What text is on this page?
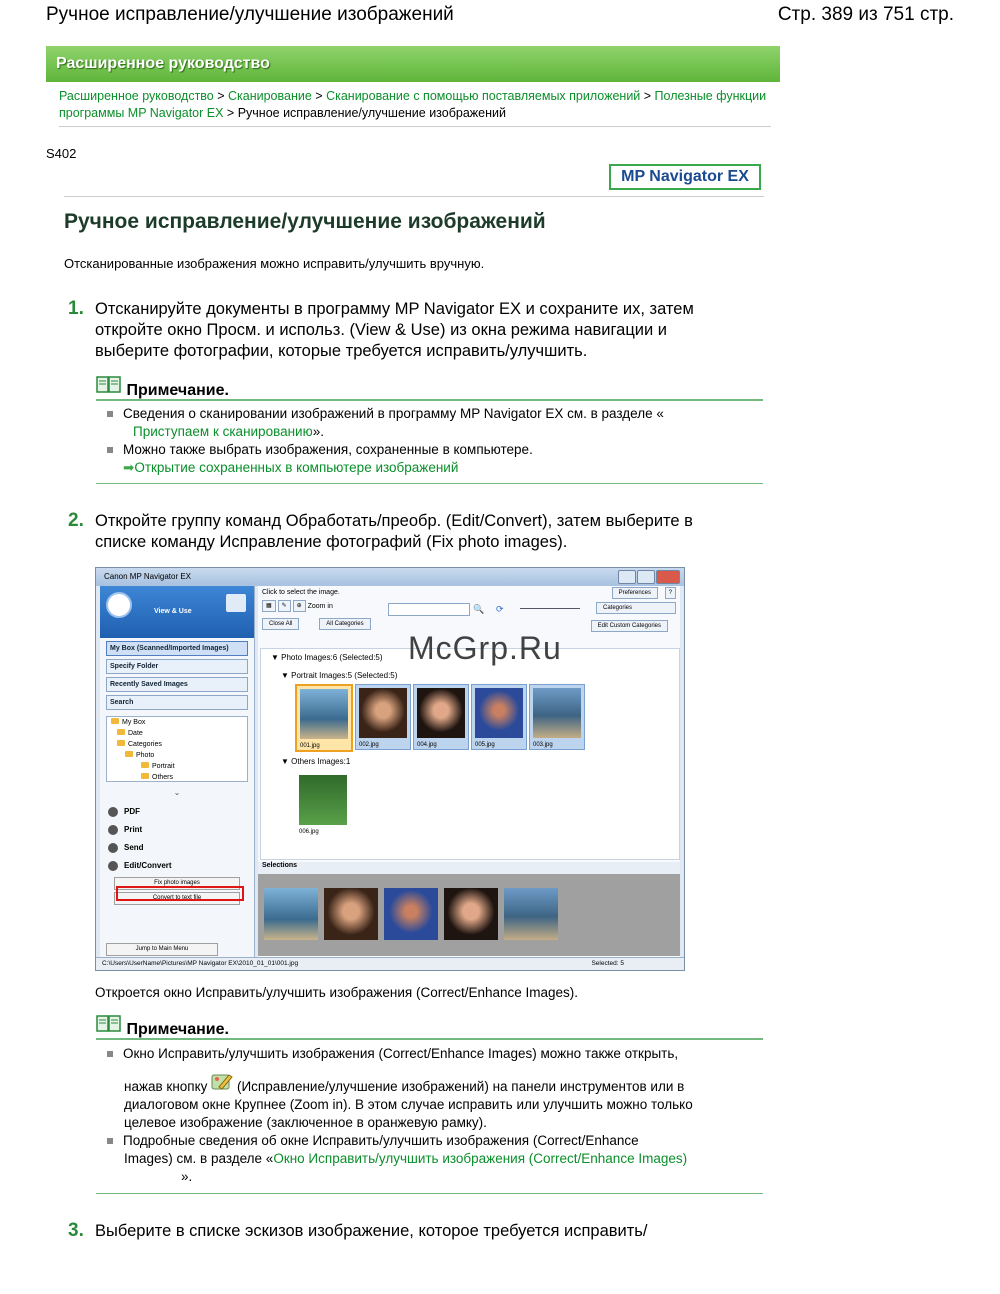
Ручное исправление/улучшение изображений	Стр. 389 из 751 стр.
Расширенное руководство
Расширенное руководство > Сканирование > Сканирование с помощью поставляемых приложений > Полезные функции программы MP Navigator EX > Ручное исправление/улучшение изображений
S402
MP Navigator EX
Ручное исправление/улучшение изображений
Отсканированные изображения можно исправить/улучшить вручную.
1. Отсканируйте документы в программу MP Navigator EX и сохраните их, затем
откройте окно Просм. и использ. (View & Use) из окна режима навигации и
выберите фотографии, которые требуется исправить/улучшить.
Примечание.
Сведения о сканировании изображений в программу MP Navigator EX см. в разделе «
Приступаем к сканированию».
Можно также выбрать изображения, сохраненные в компьютере.
➡Открытие сохраненных в компьютере изображений
2. Откройте группу команд Обработать/преобр. (Edit/Convert), затем выберите в
списке команду Исправление фотографий (Fix photo images).
Canon MP Navigator EX
View & Use
My Box (Scanned/Imported Images)
Specify Folder
Recently Saved Images
Search
My Box
Date
Categories
Photo
Portrait
Others
⌄
PDF
Print
Send
Edit/Convert
Fix photo images
Convert to text file
Jump to Main Menu
Click to select the image.	Preferences	?
▦ ✎ ⊕ Zoom in	🔍 ⟳	Categories
Close All	All Categories	Edit Custom Categories
▼ Photo Images:6 (Selected:5)
▼ Portrait Images:5 (Selected:5)
001.jpg	002.jpg	004.jpg	005.jpg	003.jpg
▼ Others Images:1
006.jpg
Selections
C:\Users\UserName\Pictures\MP Navigator EX\2010_01_01\001.jpg	Selected: 5
McGrp.Ru
Откроется окно Исправить/улучшить изображения (Correct/Enhance Images).
Примечание.
Окно Исправить/улучшить изображения (Correct/Enhance Images) можно также открыть,
нажав кнопку (Исправление/улучшение изображений) на панели инструментов или в
диалоговом окне Крупнее (Zoom in). В этом случае исправить или улучшить можно только
целевое изображение (заключенное в оранжевую рамку).
Подробные сведения об окне Исправить/улучшить изображения (Correct/Enhance
Images) см. в разделе «Окно Исправить/улучшить изображения (Correct/Enhance Images)
».
3. Выберите в списке эскизов изображение, которое требуется исправить/
